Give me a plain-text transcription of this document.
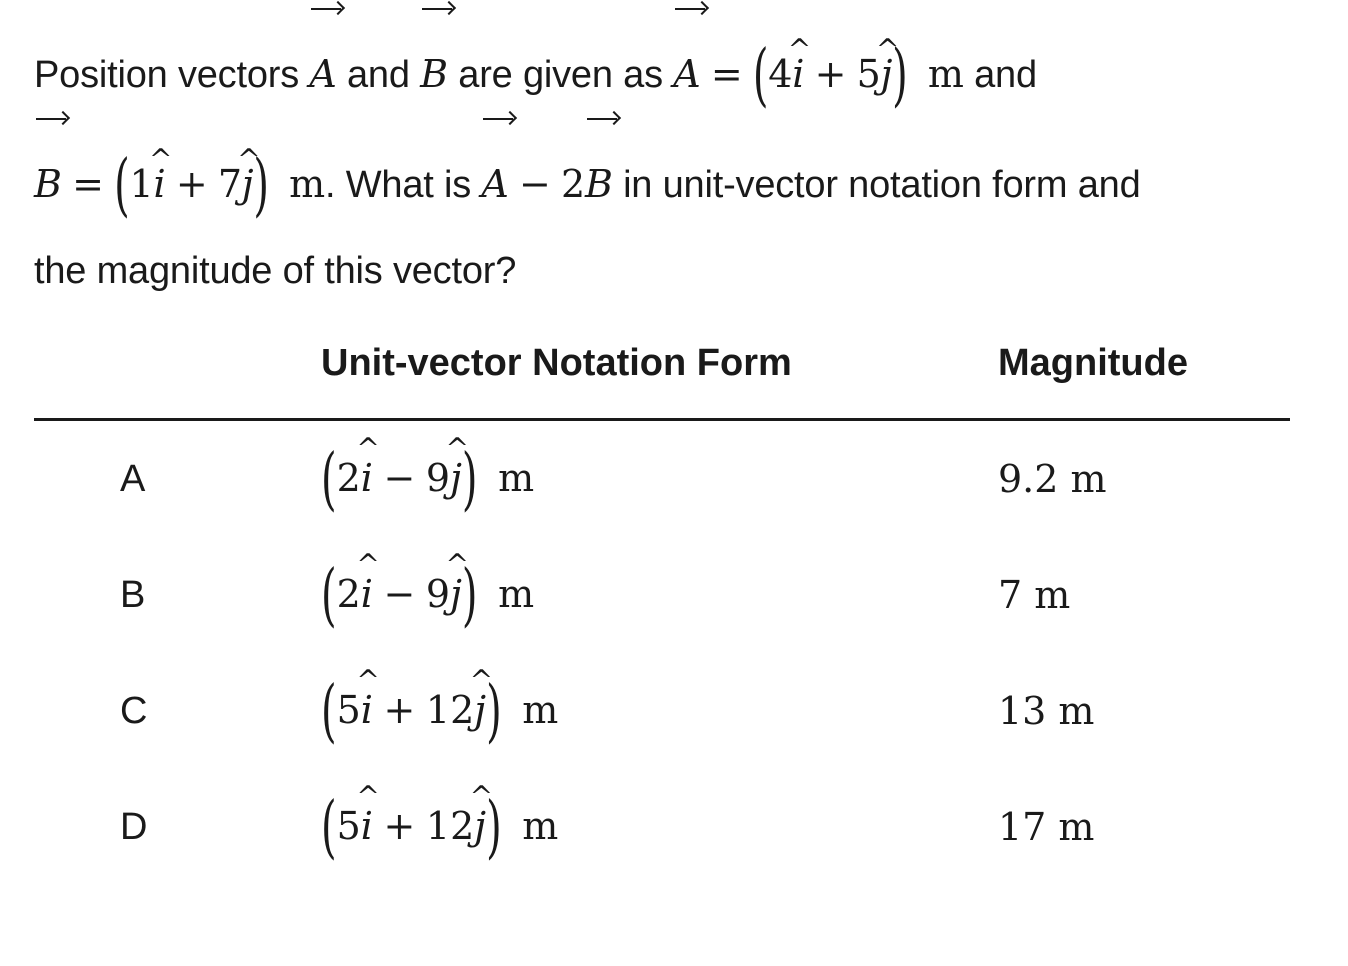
Position vectors A and B are given as A = (4^ i + 5^ j) m and
B = (1^ i + 7^ j) m. What is A − 2B in unit-vector notation form and
the magnitude of this vector?
	Unit-vector Notation Form	Magnitude
A	(2^ i − 9^ j) m	9.2 m
B	(2^ i − 9^ j) m	7 m
C	(5^ i + 12^ j) m	13 m
D	(5^ i + 12^ j) m	17 m
